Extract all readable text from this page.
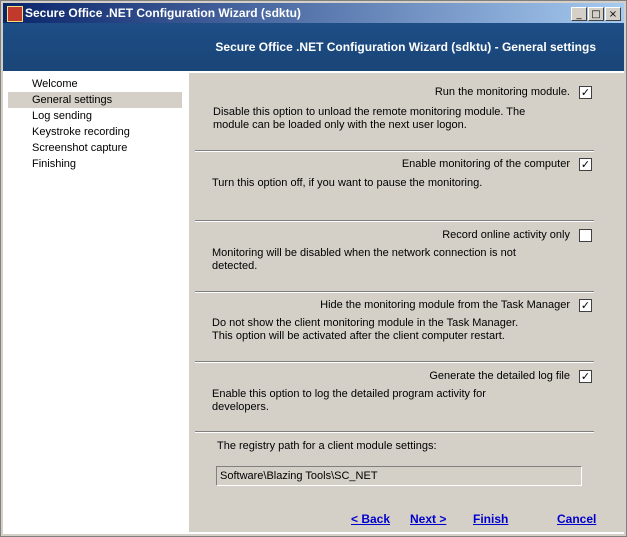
Secure Office .NET Configuration Wizard (sdktu)	_ □ ×
Secure Office .NET Configuration Wizard (sdktu) - General settings
Welcome
General settings
Log sending
Keystroke recording
Screenshot capture
Finishing
Run the monitoring module. ✓
Disable this option to unload the remote monitoring module. The module can be loaded only with the next user logon.
Enable monitoring of the computer ✓
Turn this option off, if you want to pause the monitoring.
Record online activity only
Monitoring will be disabled when the network connection is not detected.
Hide the monitoring module from the Task Manager ✓
Do not show the client monitoring module in the Task Manager. This option will be activated after the client computer restart.
Generate the detailed log file ✓
Enable this option to log the detailed program activity for developers.
The registry path for a client module settings:
Software\Blazing Tools\SC_NET
< Back Next > Finish	Cancel
